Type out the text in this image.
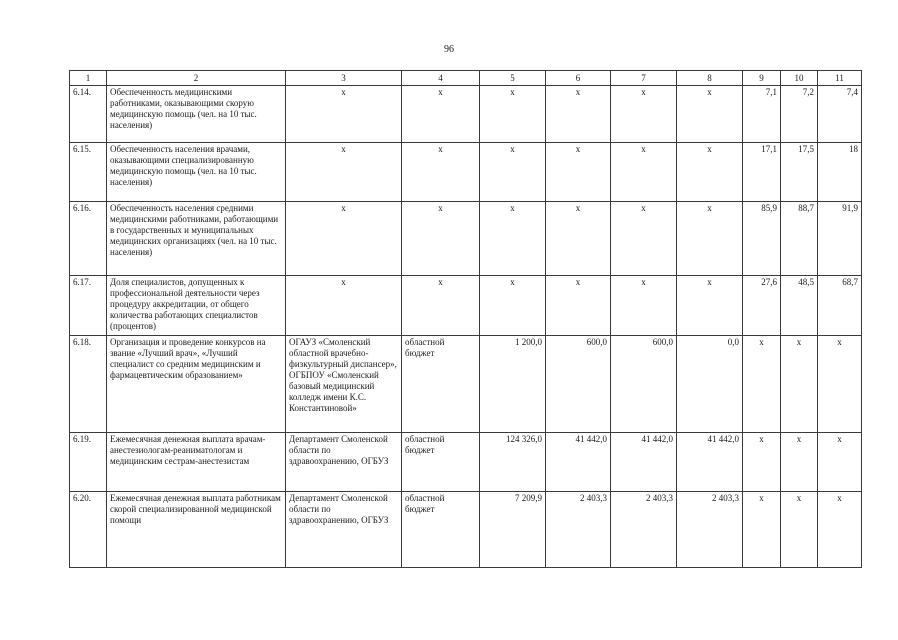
96
1	2	3	4	5	6	7	8	9	10	11
6.14.	Обеспеченность медицинскими работниками, оказывающими скорую медицинскую помощь (чел. на 10 тыс. населения)	х	х	х	х	х	х	7,1	7,2	7,4
6.15.	Обеспеченность населения врачами, оказывающими специализированную медицинскую помощь (чел. на 10 тыс. населения)	х	х	х	х	х	х	17,1	17,5	18
6.16.	Обеспеченность населения средними медицинскими работниками, работающими в государственных и муниципальных медицинских организациях (чел. на 10 тыс. населения)	х	х	х	х	х	х	85,9	88,7	91,9
6.17.	Доля специалистов, допущенных к профессиональной деятельности через процедуру аккредитации, от общего количества работающих специалистов (процентов)	х	х	х	х	х	х	27,6	48,5	68,7
6.18.	Организация и проведение конкурсов на звание «Лучший врач», «Лучший специалист со средним медицинским и фармацевтическим образованием»	ОГАУЗ «Смоленский областной врачебно-физкультурный диспансер», ОГБПОУ «Смоленский базовый медицинский колледж имени К.С. Константиновой»	областной бюджет	1 200,0	600,0	600,0	0,0	х	х	х
6.19.	Ежемесячная денежная выплата врачам-анестезиологам-реаниматологам и медицинским сестрам-анестезистам	Департамент Смоленской области по здравоохранению, ОГБУЗ	областной бюджет	124 326,0	41 442,0	41 442,0	41 442,0	х	х	х
6.20.	Ежемесячная денежная выплата работникам скорой специализированной медицинской помощи	Департамент Смоленской области по здравоохранению, ОГБУЗ	областной бюджет	7 209,9	2 403,3	2 403,3	2 403,3	х	х	х
